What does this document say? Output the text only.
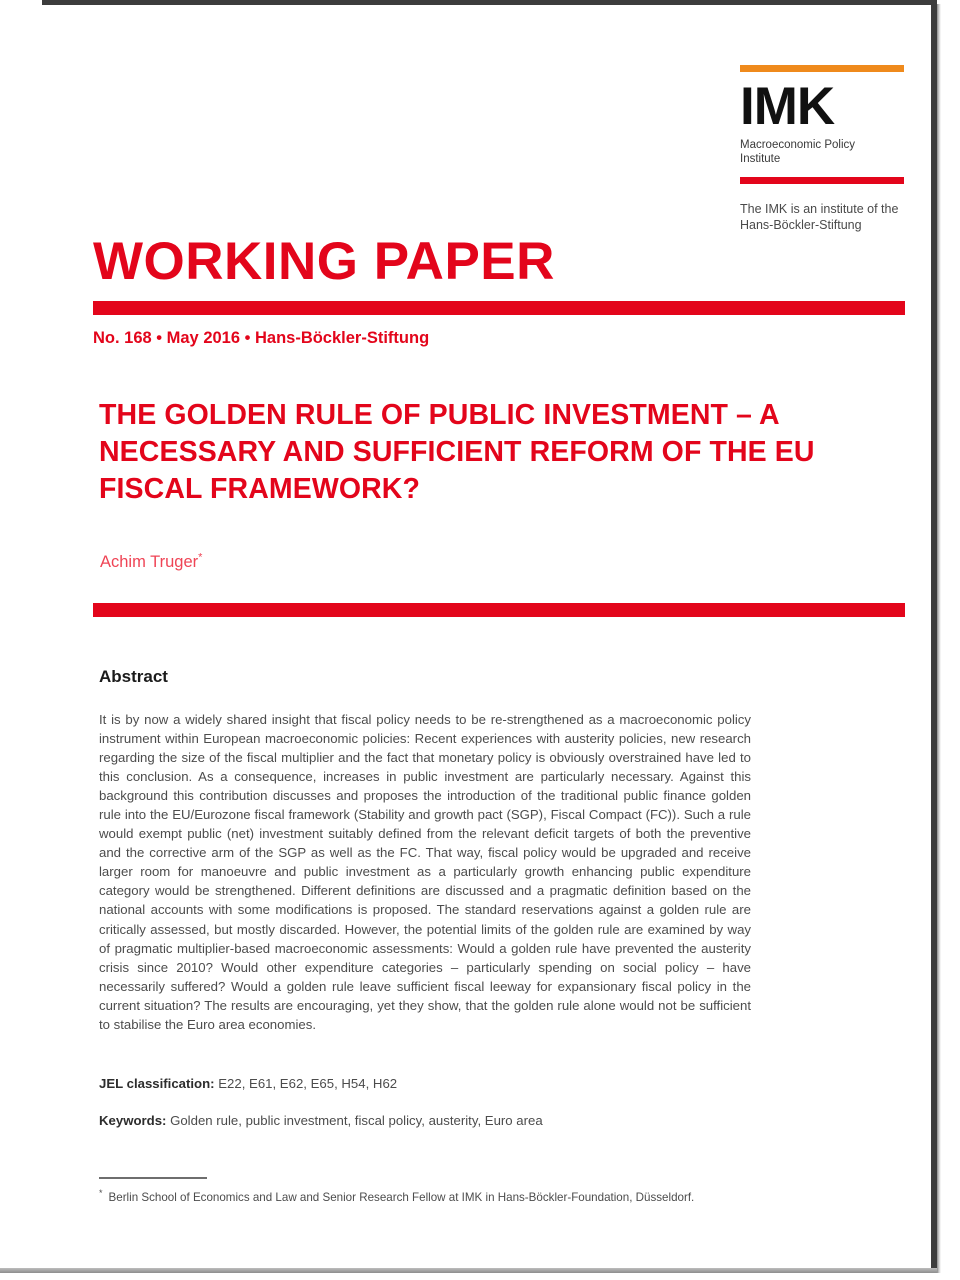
IMK
Macroeconomic Policy Institute
The IMK is an institute of the Hans-Böckler-Stiftung
WORKING PAPER
No. 168 • May 2016 • Hans-Böckler-Stiftung
THE GOLDEN RULE OF PUBLIC INVESTMENT – A NECESSARY AND SUFFICIENT REFORM OF THE EU FISCAL FRAMEWORK?
Achim Truger*
Abstract
It is by now a widely shared insight that fiscal policy needs to be re-strengthened as a macroeconomic policy instrument within European macroeconomic policies: Recent experiences with austerity policies, new research regarding the size of the fiscal multiplier and the fact that monetary policy is obviously overstrained have led to this conclusion. As a consequence, increases in public investment are particularly necessary. Against this background this contribution discusses and proposes the introduction of the traditional public finance golden rule into the EU/Eurozone fiscal framework (Stability and growth pact (SGP), Fiscal Compact (FC)). Such a rule would exempt public (net) investment suitably defined from the relevant deficit targets of both the preventive and the corrective arm of the SGP as well as the FC. That way, fiscal policy would be upgraded and receive larger room for manoeuvre and public investment as a particularly growth enhancing public expenditure category would be strengthened. Different definitions are discussed and a pragmatic definition based on the national accounts with some modifications is proposed. The standard reservations against a golden rule are critically assessed, but mostly discarded. However, the potential limits of the golden rule are examined by way of pragmatic multiplier-based macroeconomic assessments: Would a golden rule have prevented the austerity crisis since 2010? Would other expenditure categories – particularly spending on social policy – have necessarily suffered? Would a golden rule leave sufficient fiscal leeway for expansionary fiscal policy in the current situation? The results are encouraging, yet they show, that the golden rule alone would not be sufficient to stabilise the Euro area economies.
JEL classification: E22, E61, E62, E65, H54, H62
Keywords: Golden rule, public investment, fiscal policy, austerity, Euro area
* Berlin School of Economics and Law and Senior Research Fellow at IMK in Hans-Böckler-Foundation, Düsseldorf.
